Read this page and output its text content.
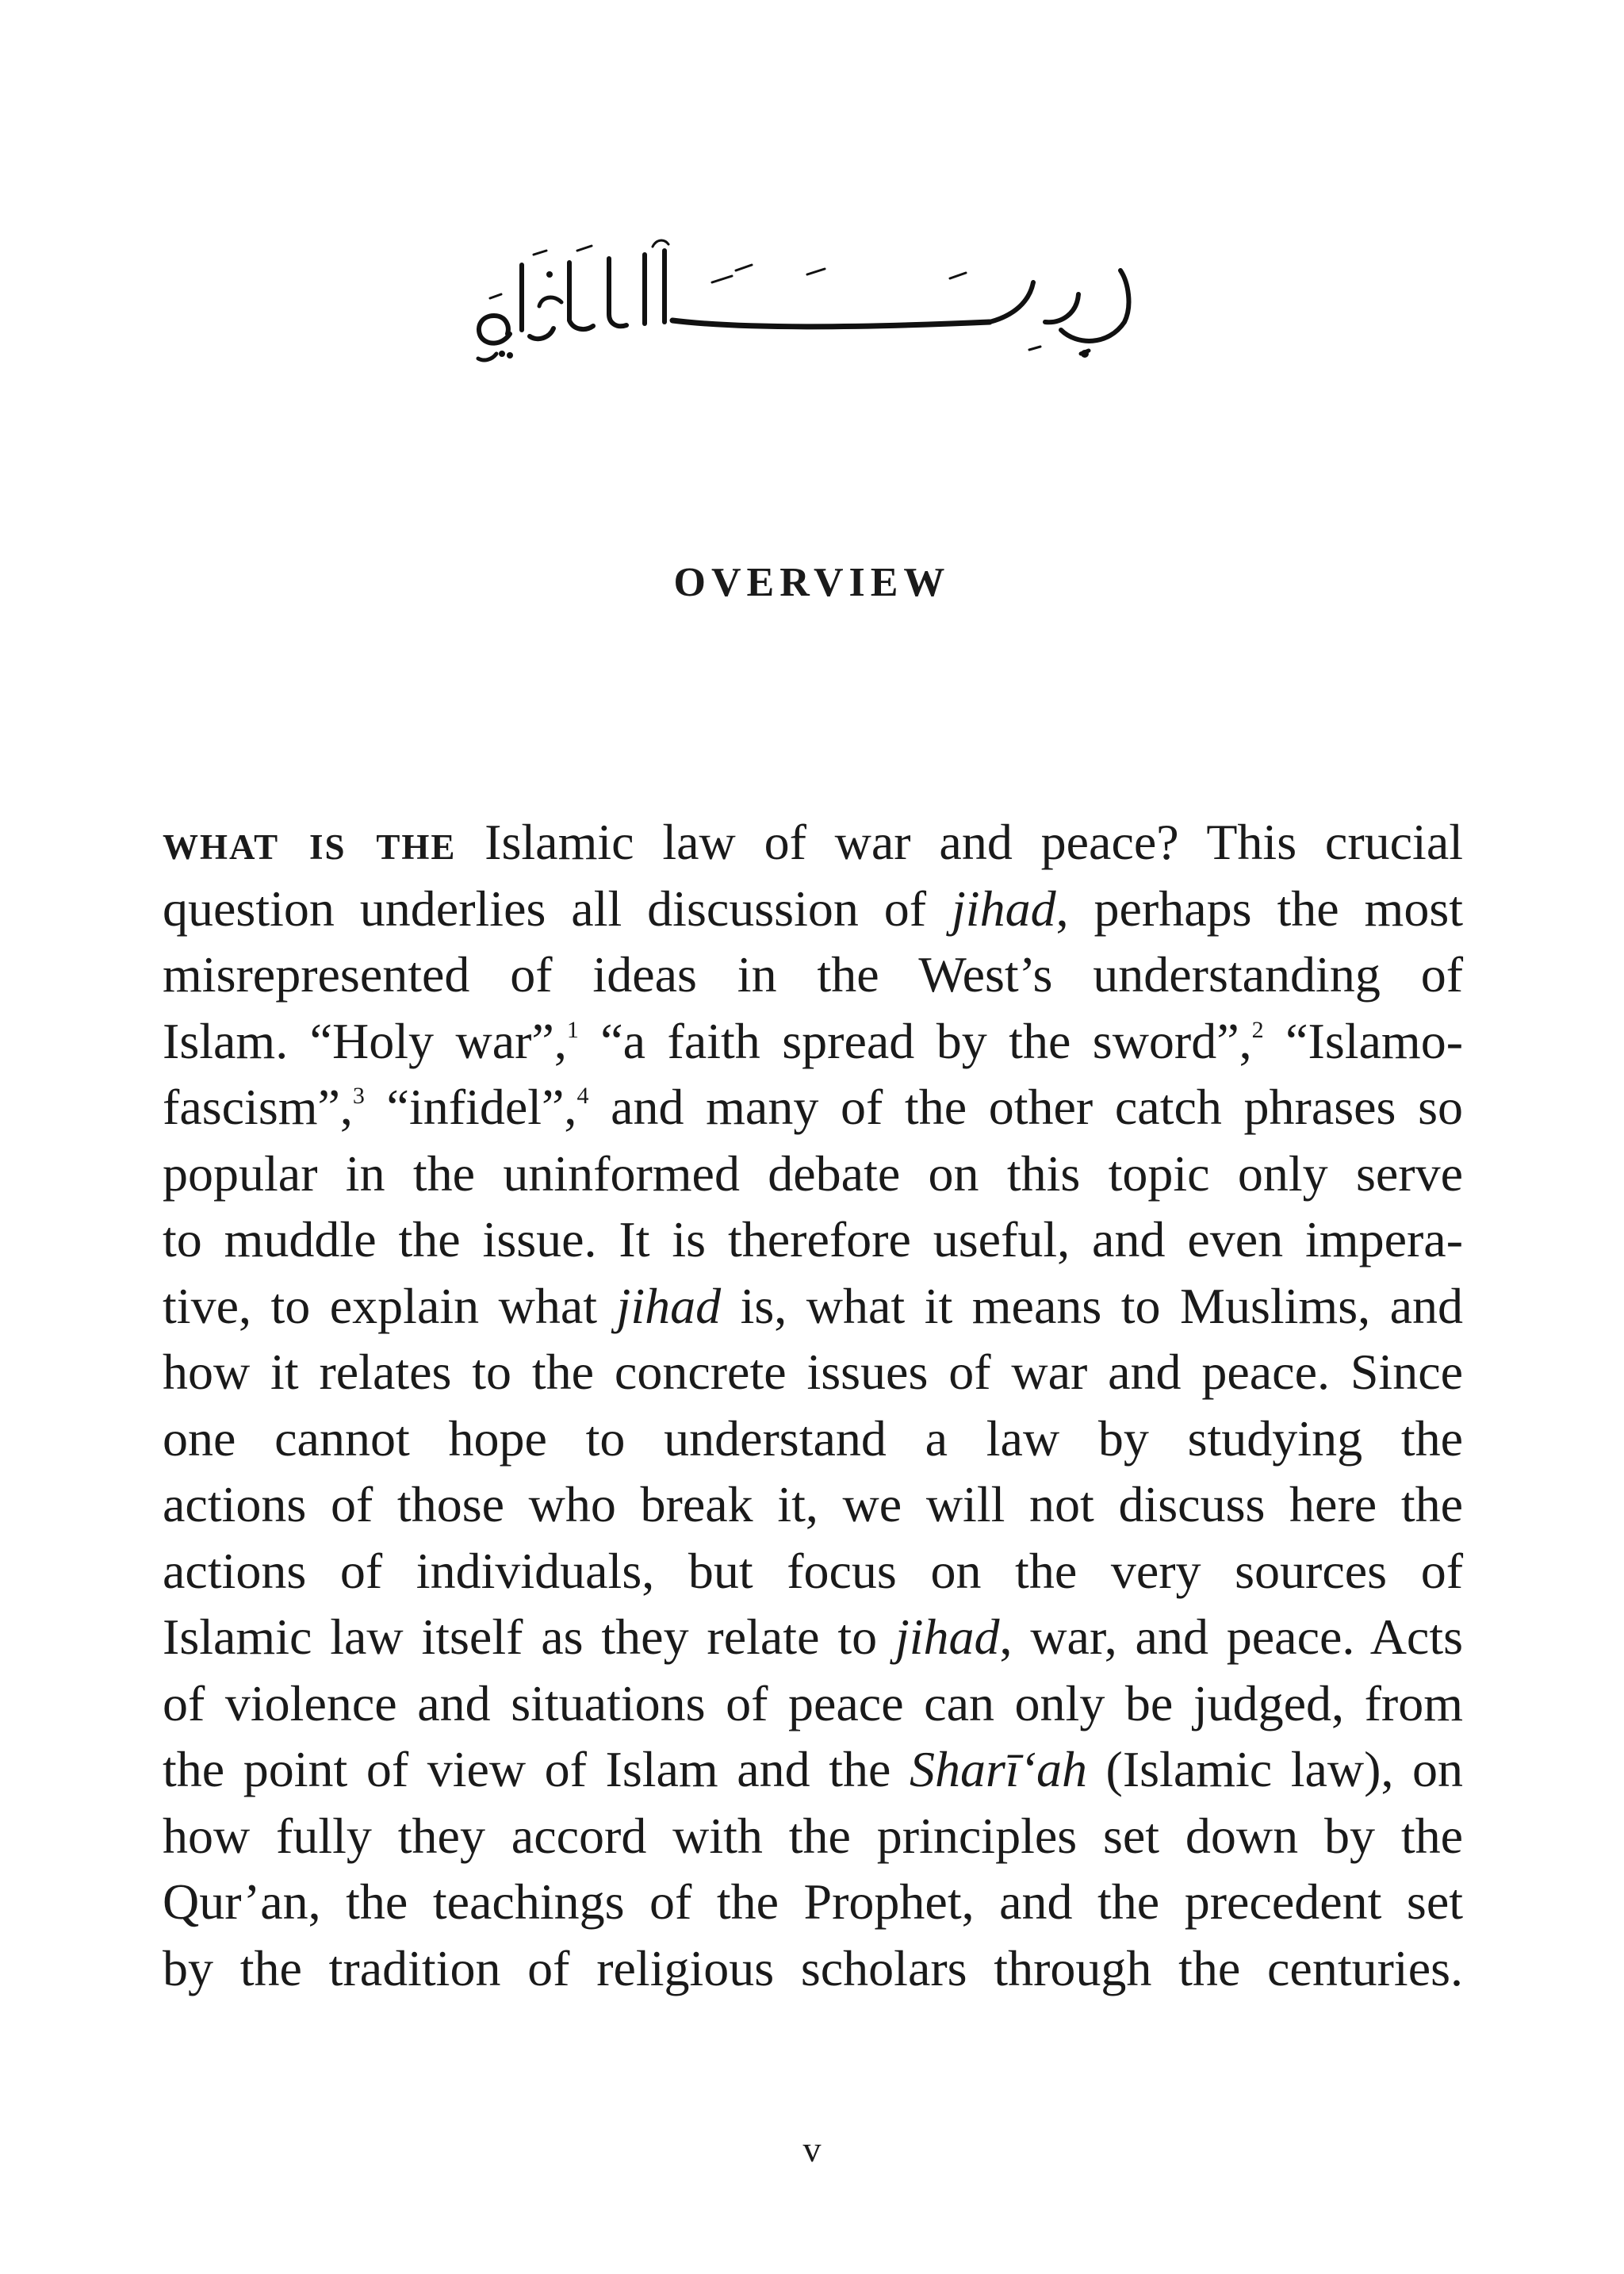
OVERVIEW
what is the Islamic law of war and peace? This crucial
question underlies all discussion of jihad, perhaps the most
misrepresented of ideas in the West’s understanding of
Islam. “Holy war”,$^1$ “a faith spread by the sword”,$^2$ “Islamo-
fascism”,$^3$ “infidel”,$^4$ and many of the other catch phrases so
popular in the uninformed debate on this topic only serve
to muddle the issue. It is therefore useful, and even impera-
tive, to explain what jihad is, what it means to Muslims, and
how it relates to the concrete issues of war and peace. Since
one cannot hope to understand a law by studying the
actions of those who break it, we will not discuss here the
actions of individuals, but focus on the very sources of
Islamic law itself as they relate to jihad, war, and peace. Acts
of violence and situations of peace can only be judged, from
the point of view of Islam and the Sharī‘ah (Islamic law), on
how fully they accord with the principles set down by the
Qur’an, the teachings of the Prophet, and the precedent set
by the tradition of religious scholars through the centuries.
v
